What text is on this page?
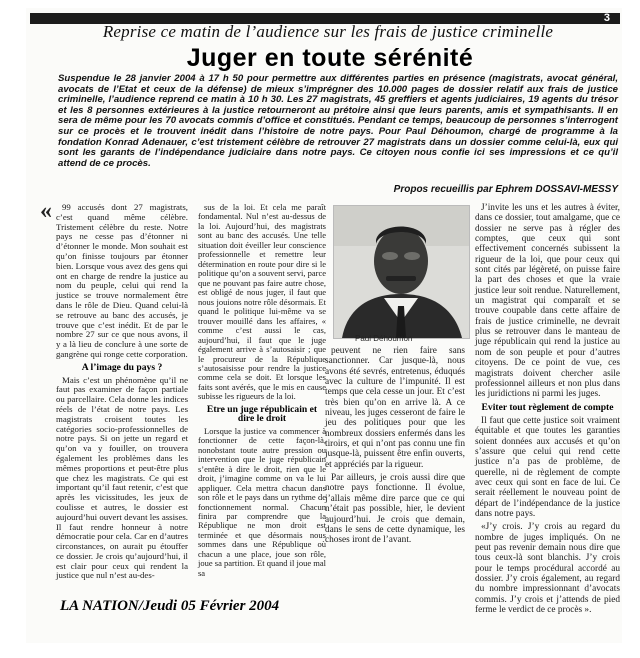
3
Reprise ce matin de l’audience sur les frais de justice criminelle
Juger en toute sérénité
Suspendue le 28 janvier 2004 à 17 h 50 pour permettre aux différentes parties en présence (magistrats, avocat général, avocats de l’Etat et ceux de la défense) de mieux s’imprégner des 10.000 pages de dossier relatif aux frais de justice criminelle, l’audience reprend ce matin à 10 h 30. Les 27 magistrats, 45 greffiers et agents judiciaires, 19 agents du trésor et les 8 personnes extérieures à la justice retourneront au prétoire ainsi que leurs parents, amis et sympathisants. Il en sera de même pour les 70 avocats commis d’office et constitués. Pendant ce temps, beaucoup de personnes s’interrogent sur ce procès et le trouvent inédit dans l’histoire de notre pays. Pour Paul Déhoumon, chargé de programme à la fondation Konrad Adenauer, c’est tristement célèbre de retrouver 27 magistrats dans un dossier comme celui-là, eux qui sont les garants de l’indépendance judiciaire dans notre pays. Ce citoyen nous confie ici ses impressions et ce qu’il attend de ce procès.
Propos recueillis par Ephrem DOSSAVI-MESSY
«	99 accusés dont 27 magistrats, c’est quand même célèbre. Tristement célèbre du reste. Notre pays ne cesse pas d’étonner ni d’étonner le monde. Mon souhait est qu’on finisse toujours par étonner bien. Lorsque vous avez des gens qui ont en charge de rendre la justice au nom du peuple, celui qui rend la justice se trouve normalement être dans le rôle de Dieu. Quand celui-là se retrouve au banc des accusés, je trouve que c’est inédit. Et de par le nombre 27 sur ce que nous avons, il y a là lieu de conclure à une sorte de gangrène qui ronge cette corporation.

A l’image du pays ?

Mais c’est un phénomène qu’il ne faut pas examiner de façon partiale ou parcellaire. Cela donne les indices réels de l’état de notre pays. Les magistrats croisent toutes les catégories socio-professionnelles de notre pays. Si on jette un regard et qu’on va y fouiller, on trouvera également les problèmes dans les mêmes proportions et peut-être plus que chez les magistrats. Ce qui est important qu’il faut retenir, c’est que après les vicissitudes, les jeux de coulisse et autres, le dossier est aujourd’hui ouvert devant les assises. Il faut rendre honneur à notre démocratie pour cela. Car en d’autres circonstances, on aurait pu étouffer ce dossier. Je crois qu’aujourd’hui, il est clair pour ceux qui rendent la justice que nul n’est au-des-

sus de la loi. Et cela me paraît fondamental. Nul n’est au-dessus de la loi. Aujourd’hui, des magistrats sont au banc des accusés. Une telle situation doit éveiller leur conscience professionnelle et remettre leur détermination en route pour dire si le politique qu’on a souvent servi, parce que ne pouvant pas faire autre chose, est obligé de nous juger, il faut que nous jouions notre rôle désormais. Et quand le politique lui-même va se trouver mouillé dans les affaires, « comme c’est aussi le cas, aujourd’hui, il faut que le juge également arrive à s’autosaisir ; que le procureur de la République s’autosaisisse pour rendre la justice comme cela se doit. Et lorsque les faits sont avérés, que le mis en cause subisse les rigueurs de la loi.

Etre un juge républicain et dire le droit

Lorsque la justice va commencer à fonctionner de cette façon-là, nonobstant toute autre pression ou intervention que le juge républicain s’entête à dire le droit, rien que le droit, j’imagine comme on va le lui appliquer. Cela mettra chacun dans son rôle et le pays dans un rythme de fonctionnement normal. Chacun finira par comprendre que la République ne mon droit est terminée et que désormais nous sommes dans une République où chacun a une place, joue son rôle, joue sa partition. Et quand il joue mal sa

Paul Déhoumon

peuvent ne rien faire sans sanctionner. Car jusque-là, nous avons été sevrés, entretenus, éduqués avec la culture de l’impunité. Il est temps que cela cesse un jour. Et c’est très bien qu’on en arrive là. A ce niveau, les juges cesseront de faire le jeu des politiques pour que les nombreux dossiers enfermés dans les tiroirs, et qui n’ont pas connu une fin jusque-là, puissent être enfin ouverts, et appréciés par la rigueur.

Par ailleurs, je crois aussi dire que notre pays fonctionne. Il évolue, j’allais même dire parce que ce qui n’était pas possible, hier, le devient aujourd’hui. Je crois que demain, dans le sens de cette dynamique, les choses iront de l’avant.

J’invite les uns et les autres à éviter, dans ce dossier, tout amalgame, que ce dossier ne serve pas à régler des comptes, que ceux qui sont effectivement concernés subissent la rigueur de la loi, que pour ceux qui sont cités par légèreté, on puisse faire la part des choses et que la vraie justice leur soit rendue. Naturellement, un magistrat qui comparaît et se trouve coupable dans cette affaire de frais de justice criminelle, ne devrait plus se retrouver dans le manteau de juge républicain qui rend la justice au nom de son peuple et pour d’autres citoyens. De ce point de vue, ces magistrats doivent chercher asile professionnel ailleurs et non plus dans les juridictions ni parmi les juges.

Eviter tout règlement de compte

Il faut que cette justice soit vraiment équitable et que toutes les garanties soient données aux accusés et qu’on s’assure que celui qui rend cette justice n’a pas de problème, de querelle, ni de règlement de compte avec ceux qui sont en face de lui. Ce serait réellement le nouveau point de départ de l’indépendance de la justice dans notre pays.

«J’y crois. J’y crois au regard du nombre de juges impliqués. On ne peut pas revenir demain nous dire que tous ceux-là sont blanchis. J’y crois pour le temps procédural accordé au dossier. J’y crois également, au regard du nombre impressionnant d’avocats commis. J’y crois et j’attends de pied ferme le verdict de ce procès ».

LA NATION/Jeudi 05 Février 2004
